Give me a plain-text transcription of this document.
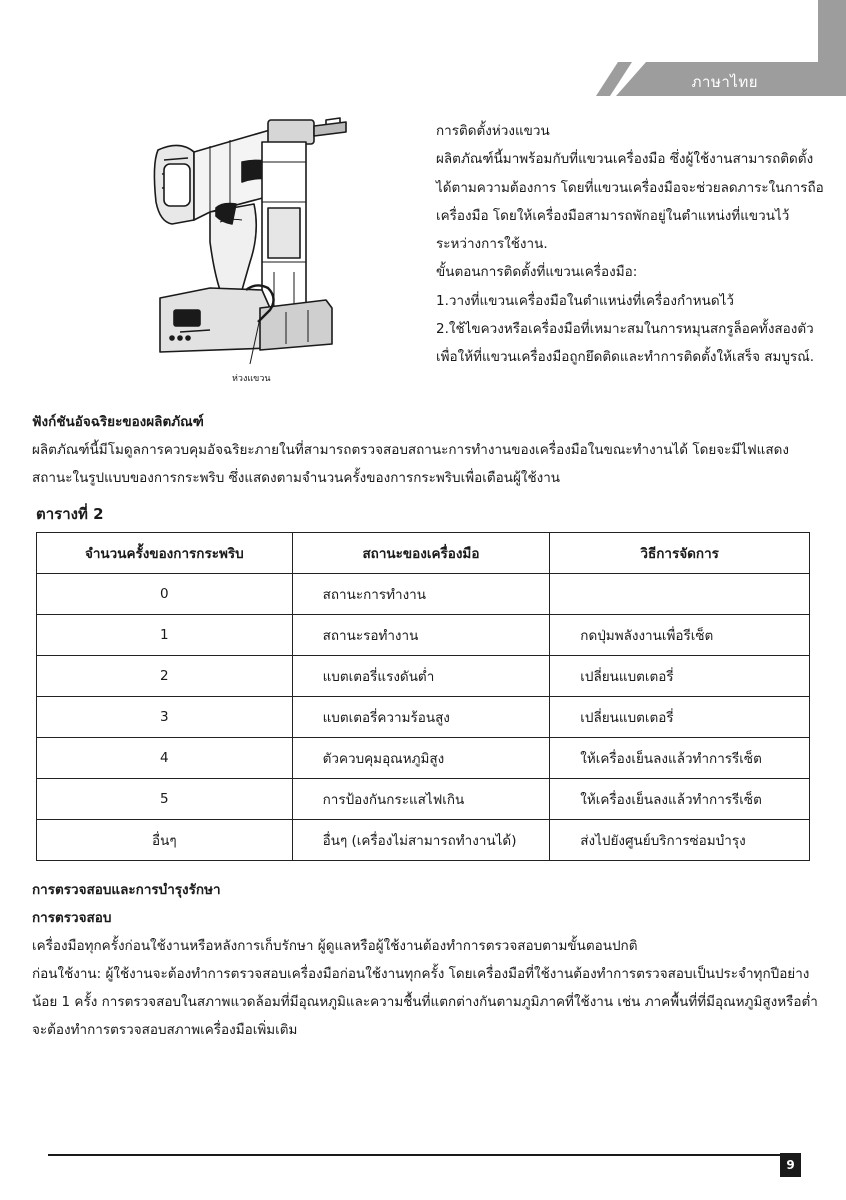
ภาษาไทย
ห่วงแขวน

การติดตั้งห่วงแขวน

ผลิตภัณฑ์นี้มาพร้อมกับที่แขวนเครื่องมือ ซึ่งผู้ใช้งานสามารถติดตั้งได้ตามความต้องการ โดยที่แขวนเครื่องมือจะช่วยลดภาระในการถือเครื่องมือ โดยให้เครื่องมือสามารถพักอยู่ในตำแหน่งที่แขวนไว้ระหว่างการใช้งาน.

ขั้นตอนการติดตั้งที่แขวนเครื่องมือ:

1.วางที่แขวนเครื่องมือในตำแหน่งที่เครื่องกำหนดไว้

2.ใช้ไขควงหรือเครื่องมือที่เหมาะสมในการหมุนสกรูล็อคทั้งสองตัว เพื่อให้ที่แขวนเครื่องมือถูกยึดติดและทำการติดตั้งให้เสร็จ สมบูรณ์.

ฟังก์ชันอัจฉริยะของผลิตภัณฑ์

ผลิตภัณฑ์นี้มีโมดูลการควบคุมอัจฉริยะภายในที่สามารถตรวจสอบสถานะการทำงานของเครื่องมือในขณะทำงานได้ โดยจะมีไฟแสดงสถานะในรูปแบบของการกระพริบ ซึ่งแสดงตามจำนวนครั้งของการกระพริบเพื่อเตือนผู้ใช้งาน

ตารางที่ 2
จำนวนครั้งของการกระพริบ	สถานะของเครื่องมือ	วิธีการจัดการ
0	สถานะการทำงาน	
1	สถานะรอทำงาน	กดปุ่มพลังงานเพื่อรีเซ็ต
2	แบตเตอรี่แรงดันต่ำ	เปลี่ยนแบตเตอรี่
3	แบตเตอรี่ความร้อนสูง	เปลี่ยนแบตเตอรี่
4	ตัวควบคุมอุณหภูมิสูง	ให้เครื่องเย็นลงแล้วทำการรีเซ็ต
5	การป้องกันกระแสไฟเกิน	ให้เครื่องเย็นลงแล้วทำการรีเซ็ต
อื่นๆ	อื่นๆ (เครื่องไม่สามารถทำงานได้)	ส่งไปยังศูนย์บริการซ่อมบำรุง

การตรวจสอบและการบำรุงรักษา

การตรวจสอบ

เครื่องมือทุกครั้งก่อนใช้งานหรือหลังการเก็บรักษา ผู้ดูแลหรือผู้ใช้งานต้องทำการตรวจสอบตามขั้นตอนปกติ

ก่อนใช้งาน: ผู้ใช้งานจะต้องทำการตรวจสอบเครื่องมือก่อนใช้งานทุกครั้ง โดยเครื่องมือที่ใช้งานต้องทำการตรวจสอบเป็นประจำทุกปีอย่างน้อย 1 ครั้ง การตรวจสอบในสภาพแวดล้อมที่มีอุณหภูมิและความชื้นที่แตกต่างกันตามภูมิภาคที่ใช้งาน เช่น ภาคพื้นที่ที่มีอุณหภูมิสูงหรือต่ำจะต้องทำการตรวจสอบสภาพเครื่องมือเพิ่มเติม

9
